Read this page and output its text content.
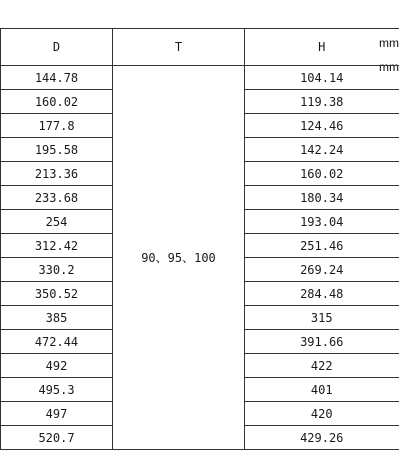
mm
mm
D	T	H
144.78	90、95、100	104.14
160.02		119.38
177.8		124.46
195.58		142.24
213.36		160.02
233.68		180.34
254		193.04
312.42		251.46
330.2		269.24
350.52		284.48
385		315
472.44		391.66
492		422
495.3		401
497		420
520.7		429.26
